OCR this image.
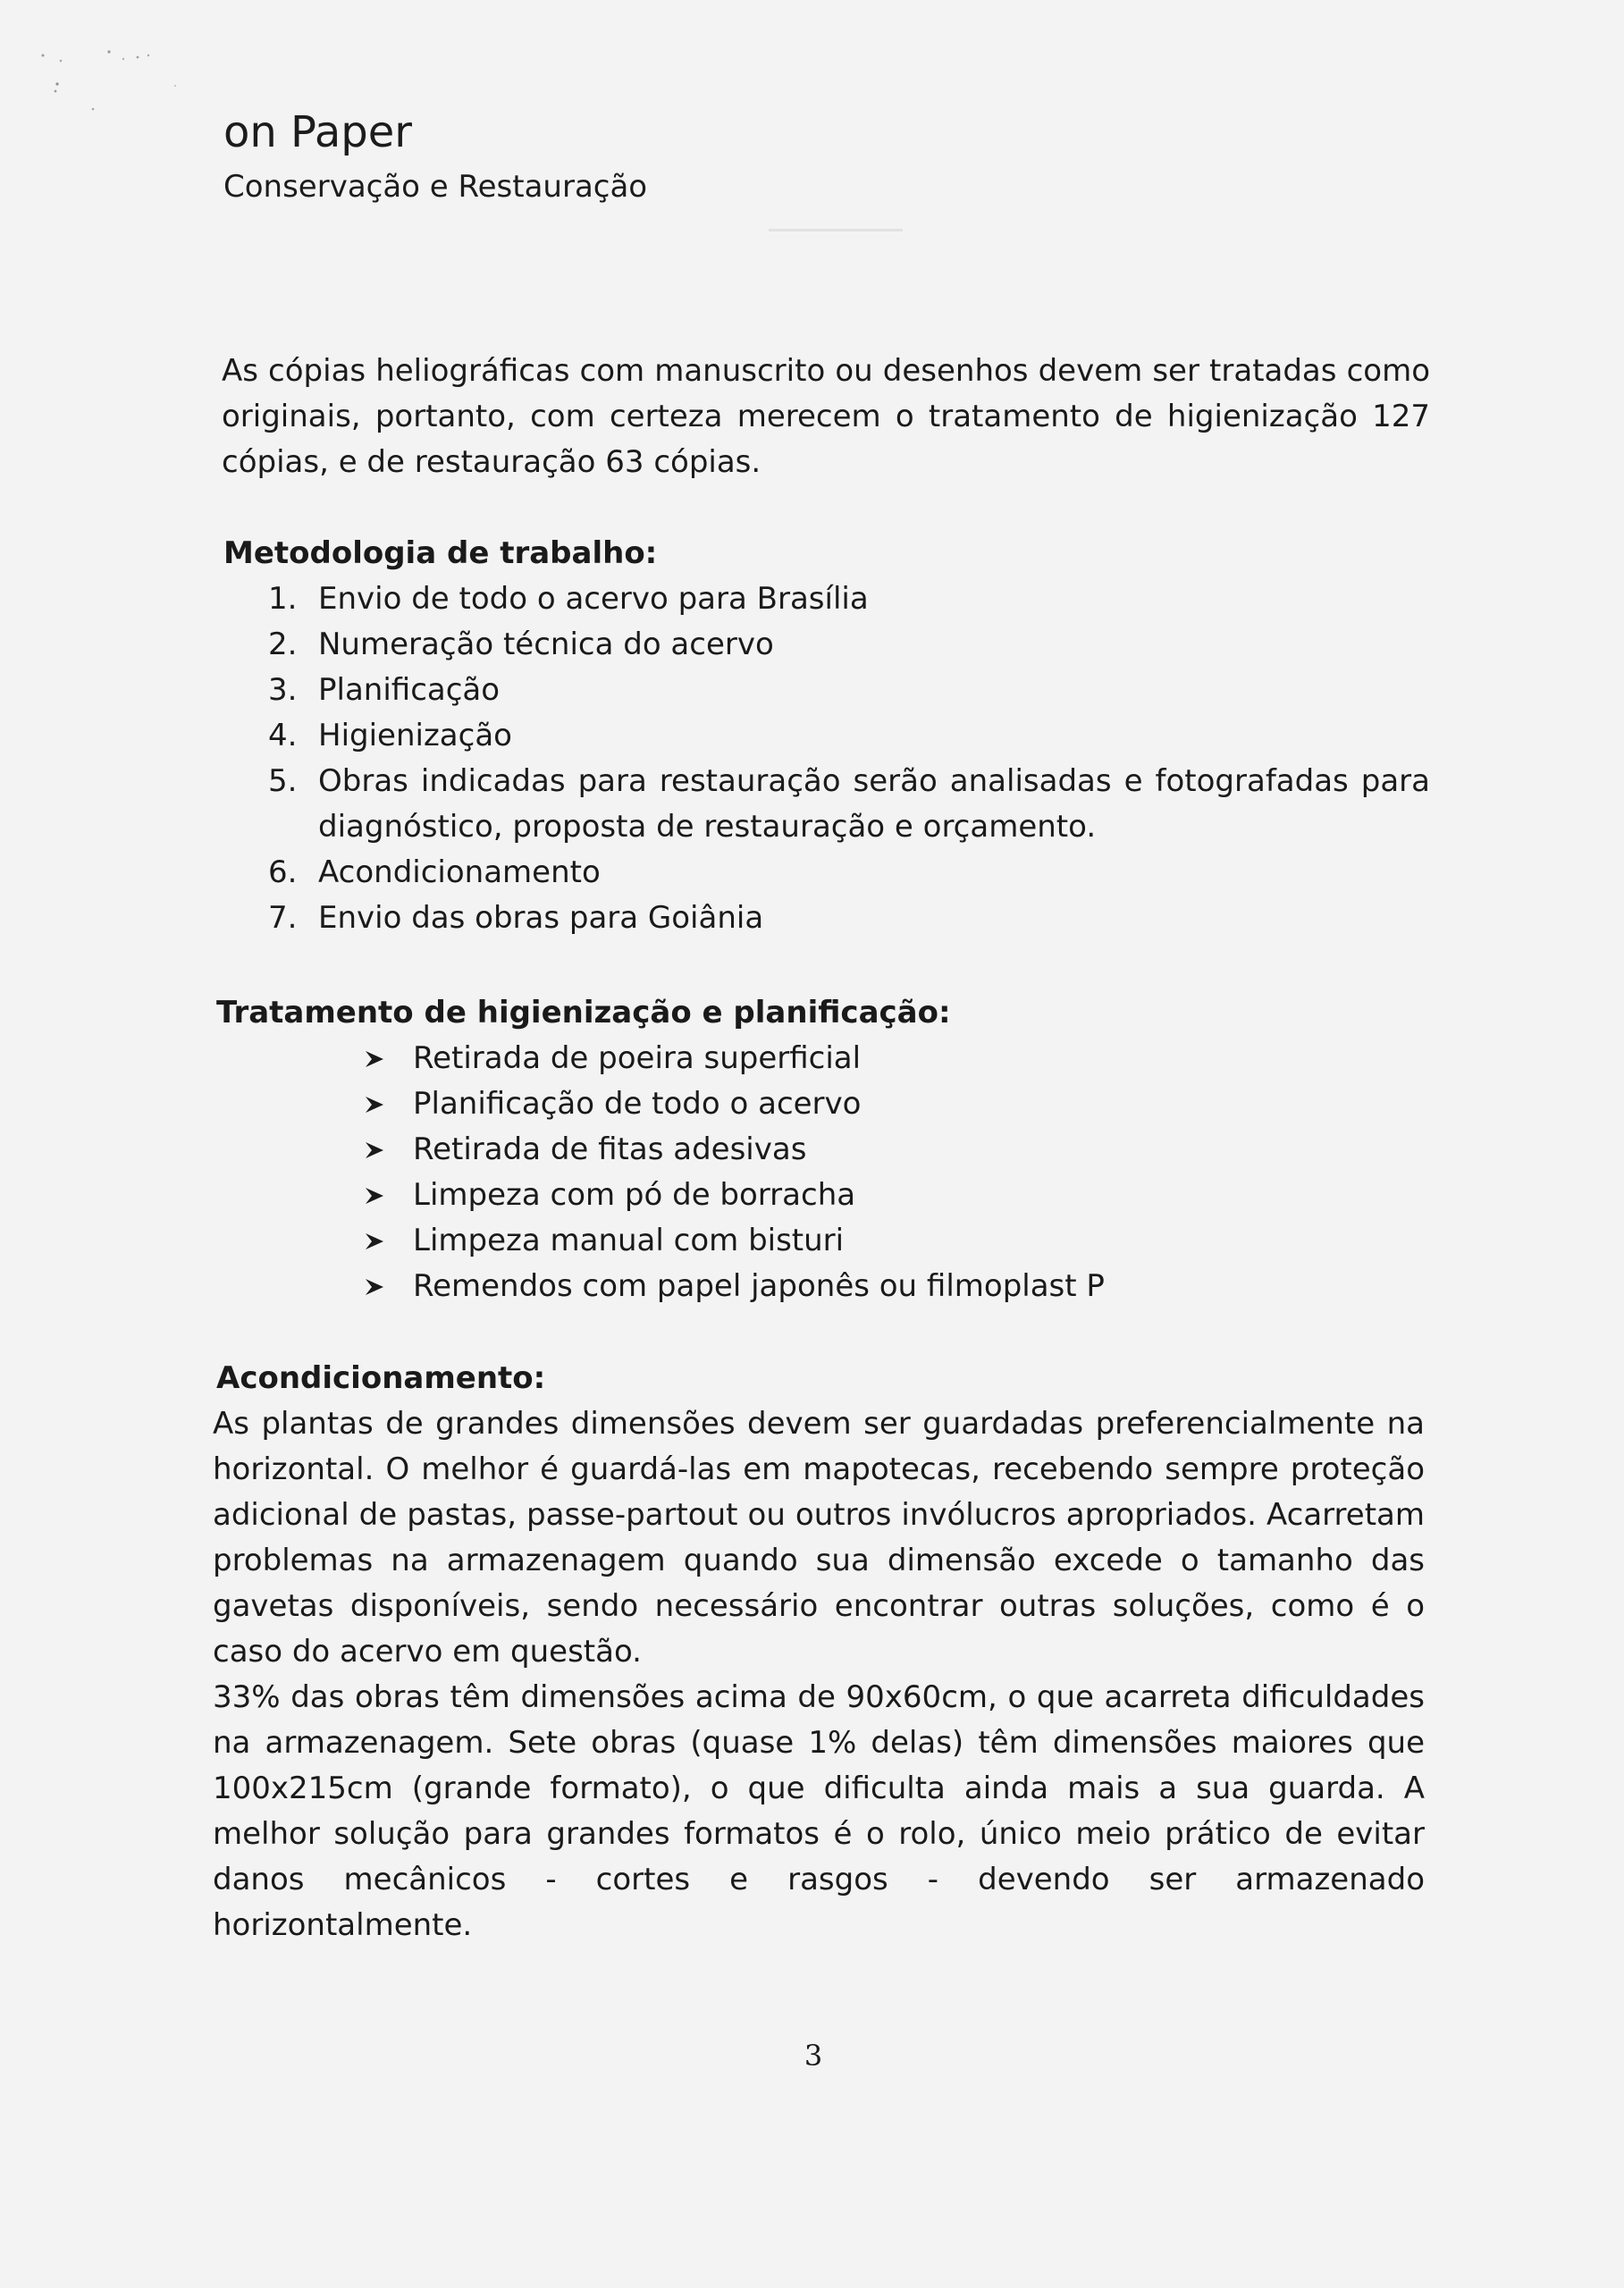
on Paper
Conservação e Restauração
As cópias heliográficas com manuscrito ou desenhos devem ser tratadas como originais, portanto, com certeza merecem o tratamento de higienização 127 cópias, e de restauração 63 cópias.
Metodologia de trabalho:
1. Envio de todo o acervo para Brasília
2. Numeração técnica do acervo
3. Planificação
4. Higienização
5. Obras indicadas para restauração serão analisadas e fotografadas para diagnóstico, proposta de restauração e orçamento.
6. Acondicionamento
7. Envio das obras para Goiânia
Tratamento de higienização e planificação:
Retirada de poeira superficial
Planificação de todo o acervo
Retirada de fitas adesivas
Limpeza com pó de borracha
Limpeza manual com bisturi
Remendos com papel japonês ou filmoplast P
Acondicionamento:

As plantas de grandes dimensões devem ser guardadas preferencialmente na horizontal. O melhor é guardá-las em mapotecas, recebendo sempre proteção adicional de pastas, passe-partout ou outros invólucros apropriados. Acarretam problemas na armazenagem quando sua dimensão excede o tamanho das gavetas disponíveis, sendo necessário encontrar outras soluções, como é o caso do acervo em questão.

33% das obras têm dimensões acima de 90x60cm, o que acarreta dificuldades na armazenagem. Sete obras (quase 1% delas) têm dimensões maiores que 100x215cm (grande formato), o que dificulta ainda mais a sua guarda. A melhor solução para grandes formatos é o rolo, único meio prático de evitar danos mecânicos - cortes e rasgos - devendo ser armazenado horizontalmente.

3
